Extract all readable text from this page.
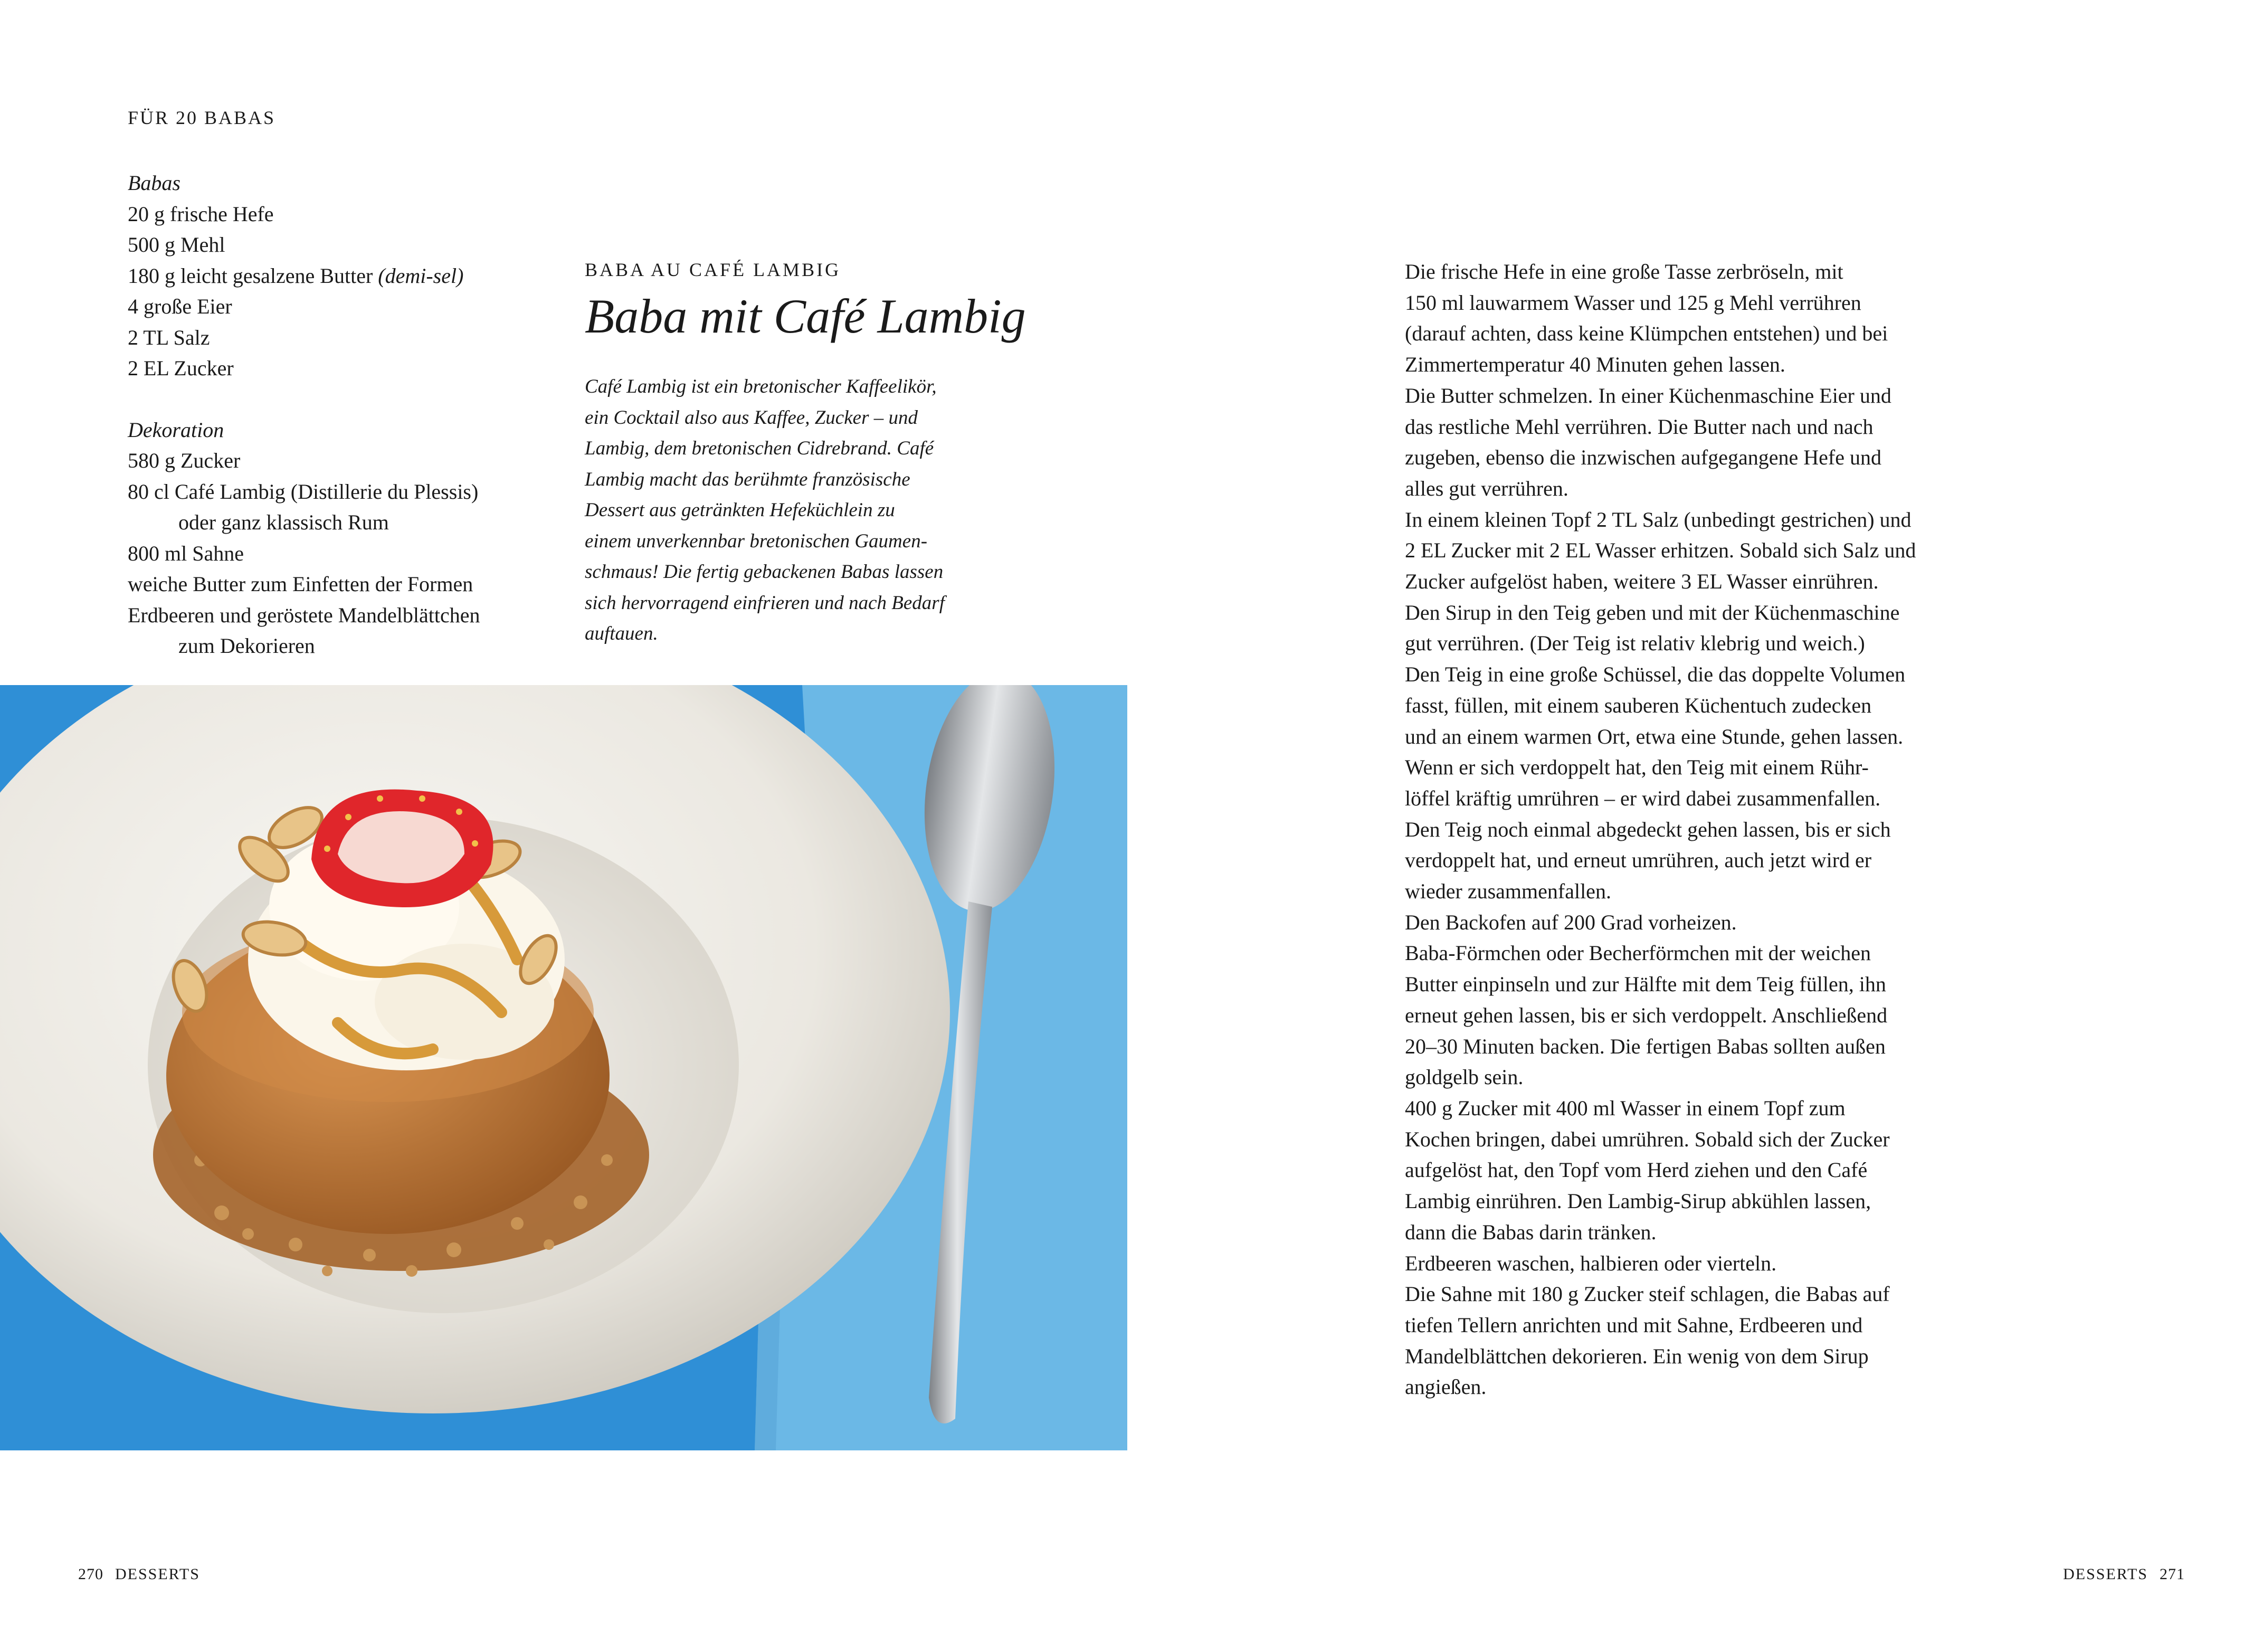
FÜR 20 BABAS
Babas
20 g frische Hefe
500 g Mehl
180 g leicht gesalzene Butter (demi-sel)
4 große Eier
2 TL Salz
2 EL Zucker
Dekoration
580 g Zucker
80 cl Café Lambig (Distillerie du Plessis)
oder ganz klassisch Rum
800 ml Sahne
weiche Butter zum Einfetten der Formen
Erdbeeren und geröstete Mandelblättchen
zum Dekorieren
BABA AU CAFÉ LAMBIG
Baba mit Café Lambig
Café Lambig ist ein bretonischer Kaffeelikör,
ein Cocktail also aus Kaffee, Zucker – und
Lambig, dem bretonischen Cidrebrand. Café
Lambig macht das berühmte französische
Dessert aus getränkten Hefeküchlein zu
einem unverkennbar bretonischen Gaumen-
schmaus! Die fertig gebackenen Babas lassen
sich hervorragend einfrieren und nach Bedarf
auftauen.
270 DESSERTS
Die frische Hefe in eine große Tasse zerbröseln, mit
150 ml lauwarmem Wasser und 125 g Mehl verrühren
(darauf achten, dass keine Klümpchen entstehen) und bei
Zimmertemperatur 40 Minuten gehen lassen.
Die Butter schmelzen. In einer Küchenmaschine Eier und
das restliche Mehl verrühren. Die Butter nach und nach
zugeben, ebenso die inzwischen aufgegangene Hefe und
alles gut verrühren.
In einem kleinen Topf 2 TL Salz (unbedingt gestrichen) und
2 EL Zucker mit 2 EL Wasser erhitzen. Sobald sich Salz und
Zucker aufgelöst haben, weitere 3 EL Wasser einrühren.
Den Sirup in den Teig geben und mit der Küchenmaschine
gut verrühren. (Der Teig ist relativ klebrig und weich.)
Den Teig in eine große Schüssel, die das doppelte Volumen
fasst, füllen, mit einem sauberen Küchentuch zudecken
und an einem warmen Ort, etwa eine Stunde, gehen lassen.
Wenn er sich verdoppelt hat, den Teig mit einem Rühr-
löffel kräftig umrühren – er wird dabei zusammenfallen.
Den Teig noch einmal abgedeckt gehen lassen, bis er sich
verdoppelt hat, und erneut umrühren, auch jetzt wird er
wieder zusammenfallen.
Den Backofen auf 200 Grad vorheizen.
Baba-Förmchen oder Becherförmchen mit der weichen
Butter einpinseln und zur Hälfte mit dem Teig füllen, ihn
erneut gehen lassen, bis er sich verdoppelt. Anschließend
20–30 Minuten backen. Die fertigen Babas sollten außen
goldgelb sein.
400 g Zucker mit 400 ml Wasser in einem Topf zum
Kochen bringen, dabei umrühren. Sobald sich der Zucker
aufgelöst hat, den Topf vom Herd ziehen und den Café
Lambig einrühren. Den Lambig-Sirup abkühlen lassen,
dann die Babas darin tränken.
Erdbeeren waschen, halbieren oder vierteln.
Die Sahne mit 180 g Zucker steif schlagen, die Babas auf
tiefen Tellern anrichten und mit Sahne, Erdbeeren und
Mandelblättchen dekorieren. Ein wenig von dem Sirup
angießen.
DESSERTS 271
